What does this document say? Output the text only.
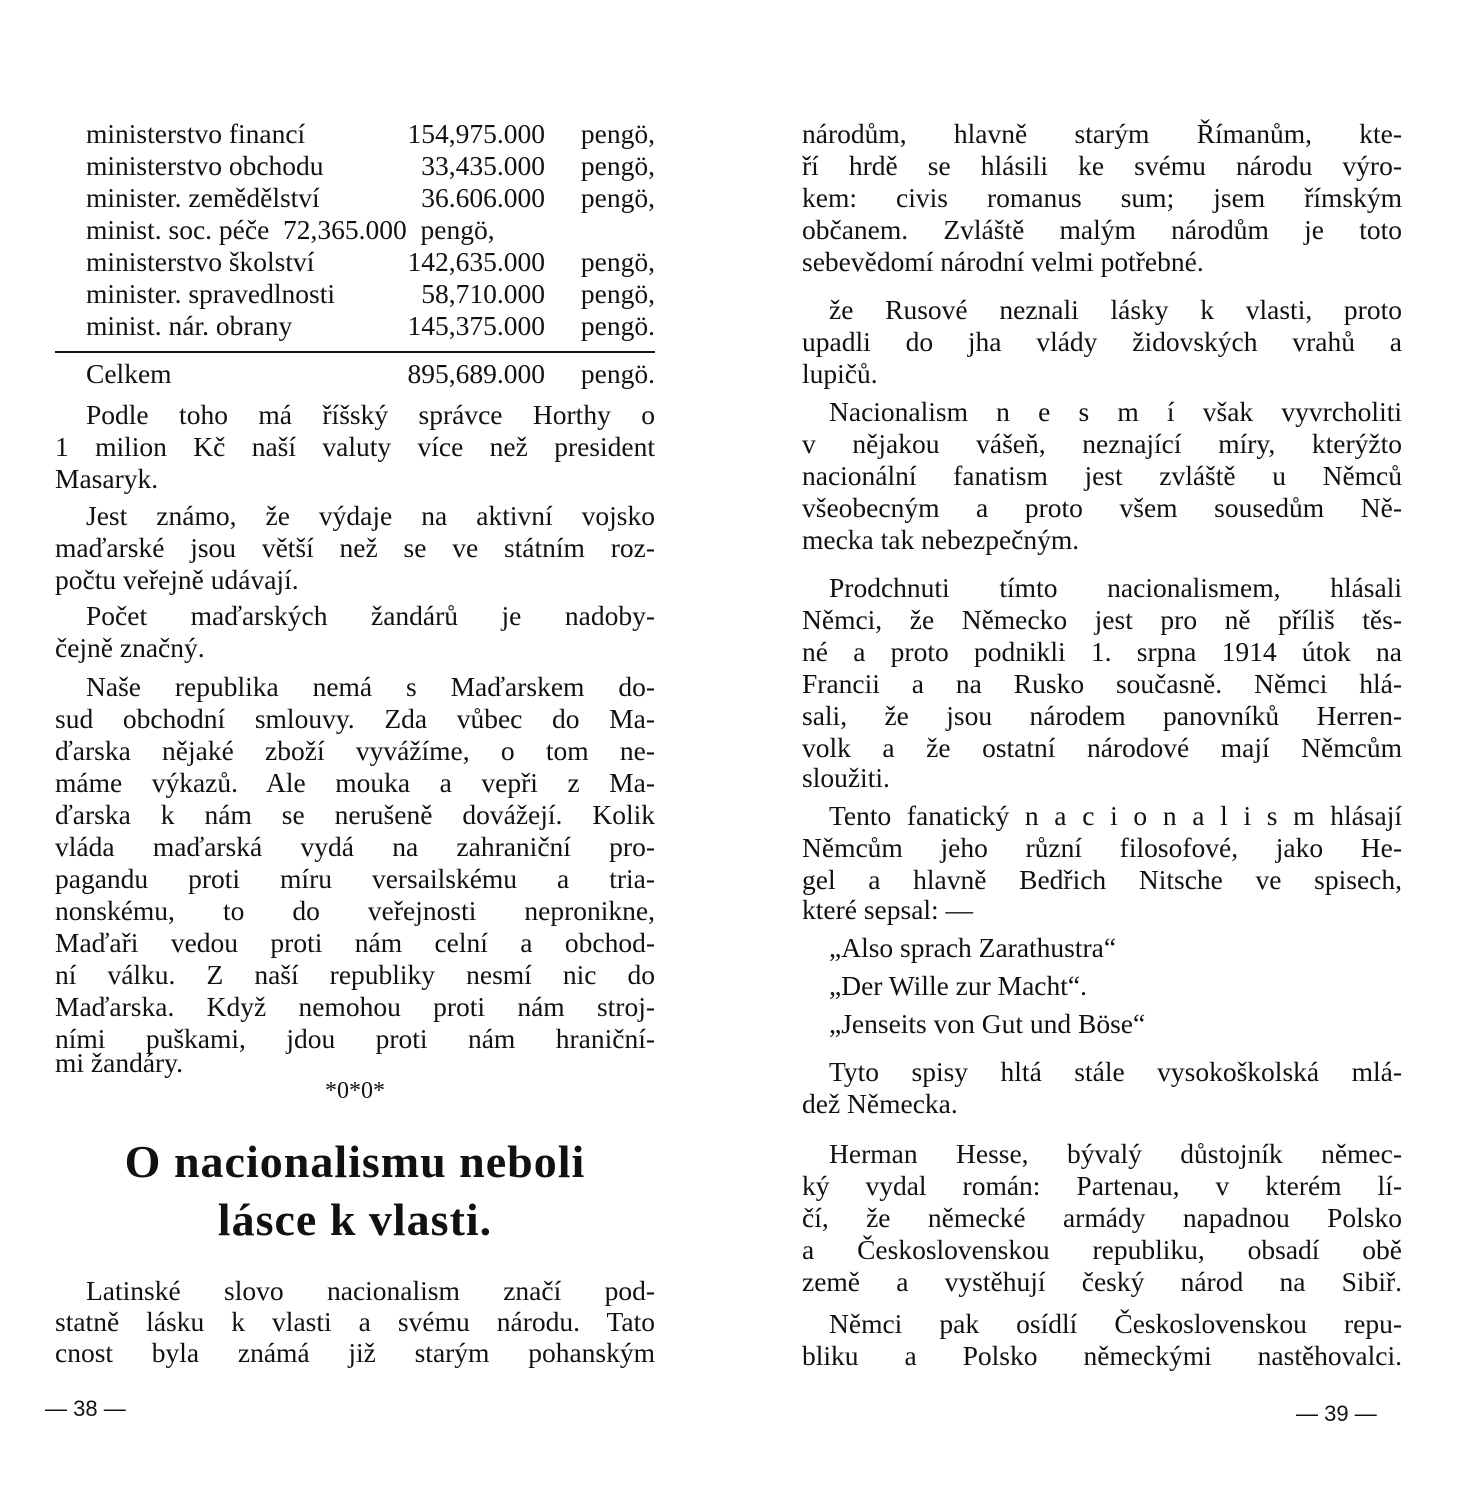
ministerstvo financí	154,975.000 pengö,
ministerstvo obchodu	33,435.000 pengö,
minister. zemědělství	36.606.000 pengö,
minist. soc. péče 72,365.000 pengö,
ministerstvo školství	142,635.000 pengö,
minister. spravedlnosti	58,710.000 pengö,
minist. nár. obrany	145,375.000 pengö.
Celkem	895,689.000 pengö.
Podle toho má říšský správce Horthy o
1 milion Kč naší valuty více než president
Masaryk.
Jest známo, že výdaje na aktivní vojsko
maďarské jsou větší než se ve státním roz-
počtu veřejně udávají.
Počet maďarských žandárů je nadoby-
čejně značný.
Naše republika nemá s Maďarskem do-
sud obchodní smlouvy. Zda vůbec do Ma-
ďarska nějaké zboží vyvážíme, o tom ne-
máme výkazů. Ale mouka a vepři z Ma-
ďarska k nám se nerušeně dovážejí. Kolik
vláda maďarská vydá na zahraniční pro-
pagandu proti míru versailskému a tria-
nonskému, to do veřejnosti nepronikne,
Maďaři vedou proti nám celní a obchod-
ní válku. Z naší republiky nesmí nic do
Maďarska. Když nemohou proti nám stroj-
ními puškami, jdou proti nám hraniční-
mi žandáry.
*0*0*
O nacionalismu neboli
lásce k vlasti.
Latinské slovo nacionalism značí pod-
statně lásku k vlasti a svému národu. Tato
cnost byla známá již starým pohanským
— 38 —
národům, hlavně starým Římanům, kte-
ří hrdě se hlásili ke svému národu výro-
kem: civis romanus sum; jsem římským
občanem. Zvláště malým národům je toto
sebevědomí národní velmi potřebné.
že Rusové neznali lásky k vlasti, proto
upadli do jha vlády židovských vrahů a
lupičů.
Nacionalism n e s m í však vyvrcholiti
v nějakou vášeň, neznající míry, kterýžto
nacionální fanatism jest zvláště u Němců
všeobecným a proto všem sousedům Ně-
mecka tak nebezpečným.
Prodchnuti tímto nacionalismem, hlásali
Němci, že Německo jest pro ně příliš těs-
né a proto podnikli 1. srpna 1914 útok na
Francii a na Rusko současně. Němci hlá-
sali, že jsou národem panovníků Herren-
volk a že ostatní národové mají Němcům
sloužiti.
Tento fanatický n a c i o n a l i s m hlásají
Němcům jeho různí filosofové, jako He-
gel a hlavně Bedřich Nitsche ve spisech,
které sepsal: —
„Also sprach Zarathustra“
„Der Wille zur Macht“.
„Jenseits von Gut und Böse“
Tyto spisy hltá stále vysokoškolská mlá-
dež Německa.
Herman Hesse, bývalý důstojník němec-
ký vydal román: Partenau, v kterém lí-
čí, že německé armády napadnou Polsko
a Československou republiku, obsadí obě
země a vystěhují český národ na Sibiř.
Němci pak osídlí Československou repu-
bliku a Polsko německými nastěhovalci.
— 39 —
